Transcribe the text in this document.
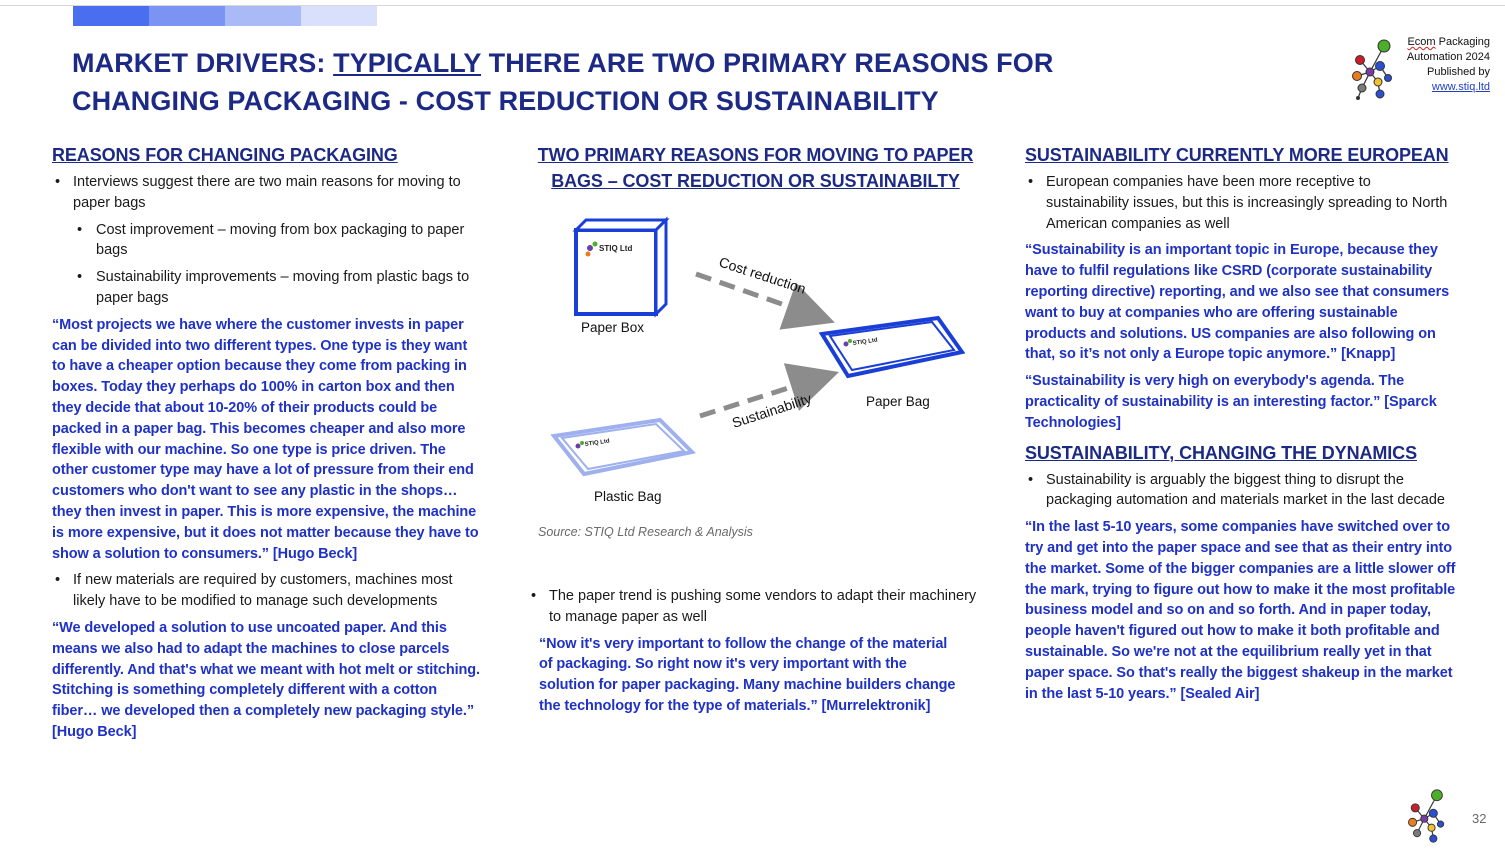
MARKET DRIVERS: TYPICALLY THERE ARE TWO PRIMARY REASONS FOR CHANGING PACKAGING - COST REDUCTION OR SUSTAINABILITY
Ecom Packaging
Automation 2024
Published by
www.stiq.ltd
REASONS FOR CHANGING PACKAGING
• Interviews suggest there are two main reasons for moving to paper bags
• Cost improvement – moving from box packaging to paper bags
• Sustainability improvements – moving from plastic bags to paper bags

“Most projects we have where the customer invests in paper can be divided into two different types. One type is they want to have a cheaper option because they come from packing in boxes. Today they perhaps do 100% in carton box and then they decide that about 10-20% of their products could be packed in a paper bag. This becomes cheaper and also more flexible with our machine. So one type is price driven. The other customer type may have a lot of pressure from their end customers who don't want to see any plastic in the shops… they then invest in paper. This is more expensive, the machine is more expensive, but it does not matter because they have to show a solution to consumers.” [Hugo Beck]

• If new materials are required by customers, machines most likely have to be modified to manage such developments

“We developed a solution to use uncoated paper. And this means we also had to adapt the machines to close parcels differently. And that's what we meant with hot melt or stitching. Stitching is something completely different with a cotton fiber… we developed then a completely new packaging style.” [Hugo Beck]

TWO PRIMARY REASONS FOR MOVING TO PAPER BAGS – COST REDUCTION OR SUSTAINABILTY
STIQ Ltd
STIQ Ltd
STIQ Ltd
Cost reduction
Sustainability
Paper Box
Paper Bag
Plastic Bag
Source: STIQ Ltd Research & Analysis
• The paper trend is pushing some vendors to adapt their machinery to manage paper as well

“Now it's very important to follow the change of the material of packaging. So right now it's very important with the solution for paper packaging. Many machine builders change the technology for the type of materials.” [Murrelektronik]

SUSTAINABILITY CURRENTLY MORE EUROPEAN
• European companies have been more receptive to sustainability issues, but this is increasingly spreading to North American companies as well

“Sustainability is an important topic in Europe, because they have to fulfil regulations like CSRD (corporate sustainability reporting directive) reporting, and we also see that consumers want to buy at companies who are offering sustainable products and solutions. US companies are also following on that, so it’s not only a Europe topic anymore.” [Knapp]

“Sustainability is very high on everybody's agenda. The practicality of sustainability is an interesting factor.” [Sparck Technologies]

SUSTAINABILITY, CHANGING THE DYNAMICS
• Sustainability is arguably the biggest thing to disrupt the packaging automation and materials market in the last decade

“In the last 5-10 years, some companies have switched over to try and get into the paper space and see that as their entry into the market. Some of the bigger companies are a little slower off the mark, trying to figure out how to make it the most profitable business model and so on and so forth. And in paper today, people haven't figured out how to make it both profitable and sustainable. So we're not at the equilibrium really yet in that paper space. So that's really the biggest shakeup in the market in the last 5-10 years.” [Sealed Air]

32
